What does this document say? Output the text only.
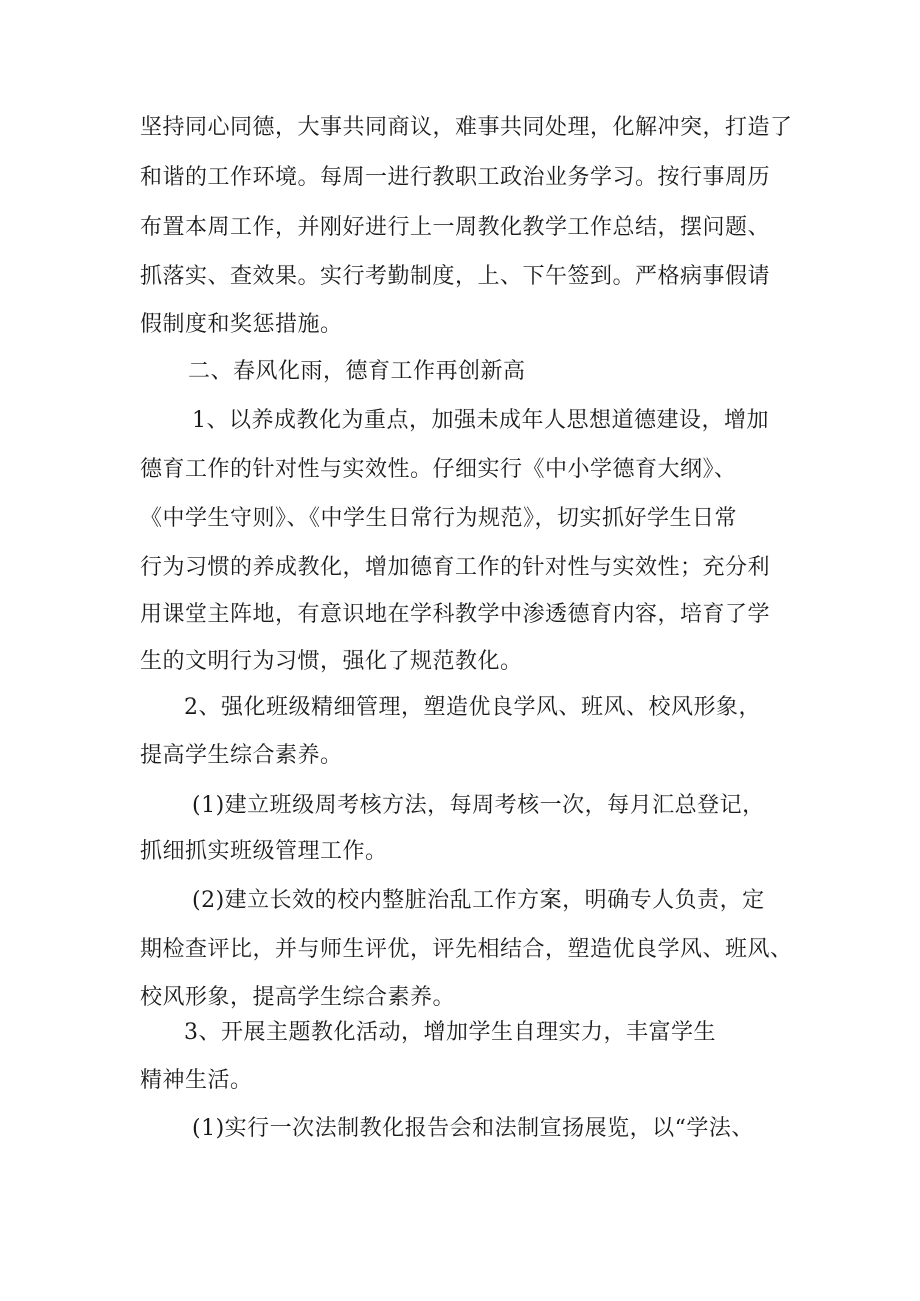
坚持同心同德，大事共同商议，难事共同处理，化解冲突，打造了

和谐的工作环境。每周一进行教职工政治业务学习。按行事周历

布置本周工作，并刚好进行上一周教化教学工作总结，摆问题、

抓落实、查效果。实行考勤制度，上、下午签到。严格病事假请

假制度和奖惩措施。

二、春风化雨，德育工作再创新高

1、以养成教化为重点，加强未成年人思想道德建设，增加

德育工作的针对性与实效性。仔细实行《中小学德育大纲》、

《中学生守则》、《中学生日常行为规范》，切实抓好学生日常

行为习惯的养成教化，增加德育工作的针对性与实效性；充分利

用课堂主阵地，有意识地在学科教学中渗透德育内容，培育了学

生的文明行为习惯，强化了规范教化。

2、强化班级精细管理，塑造优良学风、班风、校风形象，

提高学生综合素养。

(1)建立班级周考核方法，每周考核一次，每月汇总登记，

抓细抓实班级管理工作。

(2)建立长效的校内整脏治乱工作方案，明确专人负责，定

期检查评比，并与师生评优，评先相结合，塑造优良学风、班风、

校风形象，提高学生综合素养。

3、开展主题教化活动，增加学生自理实力，丰富学生

精神生活。

(1)实行一次法制教化报告会和法制宣扬展览，以“学法、
